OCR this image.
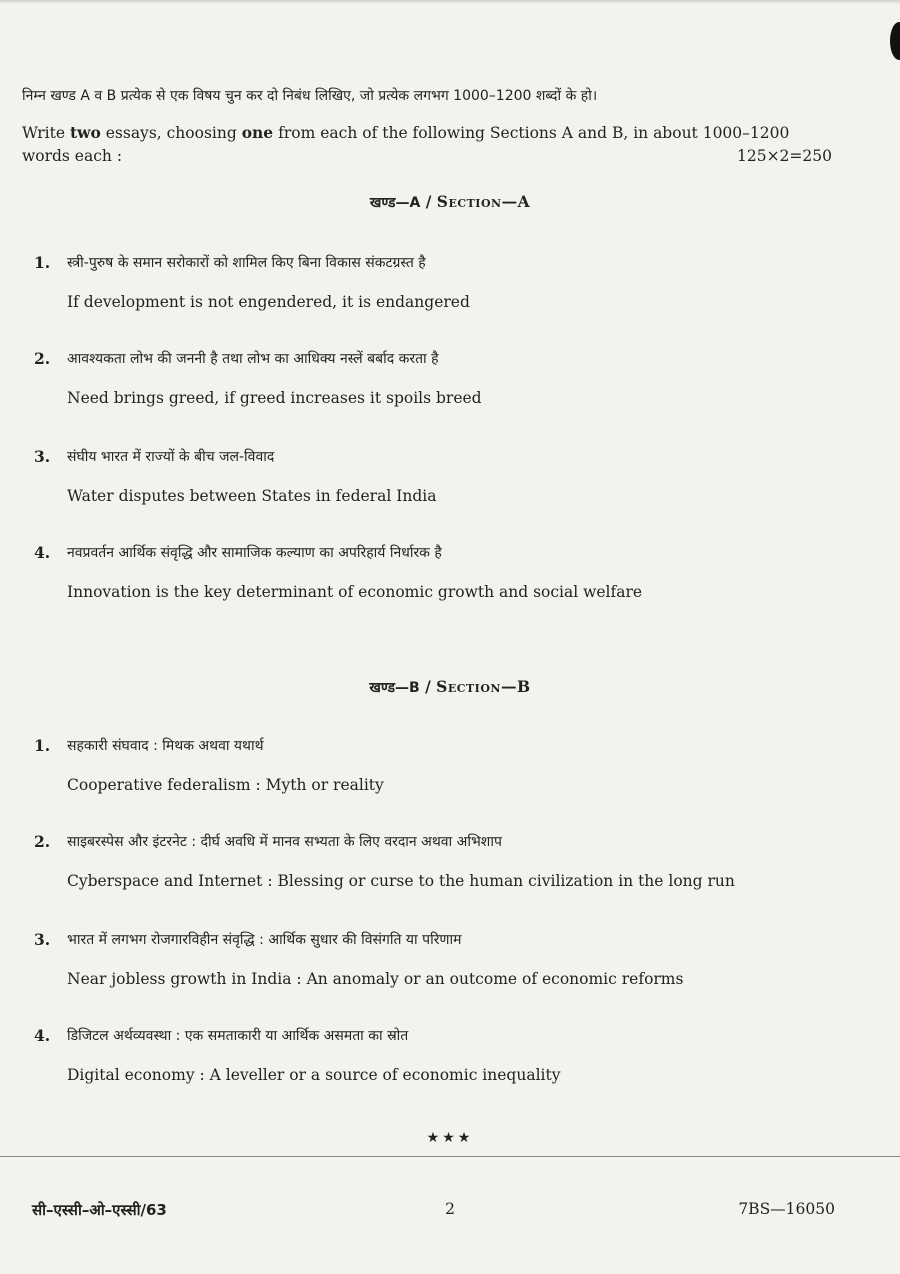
निम्न खण्ड A व B प्रत्येक से एक विषय चुन कर दो निबंध लिखिए, जो प्रत्येक लगभग 1000–1200 शब्दों के हो।
Write two essays, choosing one from each of the following Sections A and B, in about 1000–1200 words each :	125×2=250
खण्ड—A / Section—A
1. स्त्री-पुरुष के समान सरोकारों को शामिल किए बिना विकास संकटग्रस्त है
If development is not engendered, it is endangered
2. आवश्यकता लोभ की जननी है तथा लोभ का आधिक्य नस्लें बर्बाद करता है
Need brings greed, if greed increases it spoils breed
3. संघीय भारत में राज्यों के बीच जल-विवाद
Water disputes between States in federal India
4. नवप्रवर्तन आर्थिक संवृद्धि और सामाजिक कल्याण का अपरिहार्य निर्धारक है
Innovation is the key determinant of economic growth and social welfare
खण्ड—B / Section—B
1. सहकारी संघवाद : मिथक अथवा यथार्थ
Cooperative federalism : Myth or reality
2. साइबरस्पेस और इंटरनेट : दीर्घ अवधि में मानव सभ्यता के लिए वरदान अथवा अभिशाप
Cyberspace and Internet : Blessing or curse to the human civilization in the long run
3. भारत में लगभग रोजगारविहीन संवृद्धि : आर्थिक सुधार की विसंगति या परिणाम
Near jobless growth in India : An anomaly or an outcome of economic reforms
4. डिजिटल अर्थव्यवस्था : एक समताकारी या आर्थिक असमता का स्रोत
Digital economy : A leveller or a source of economic inequality
★★★
सी–एस्सी–ओ–एस्सी/63	2	7BS—16050
